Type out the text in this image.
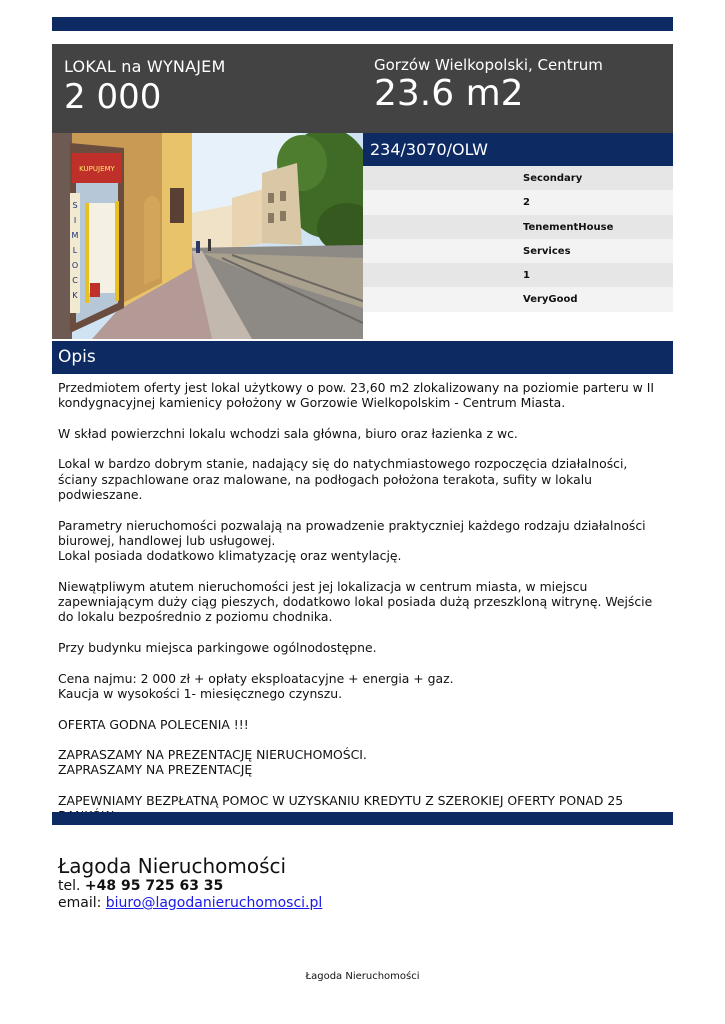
LOKAL na WYNAJEM
2 000
Gorzów Wielkopolski, Centrum
23.6 m2
KUPUJEMY
S
I
M
L
O
C
K
234/3070/OLW
Secondary
2
TenementHouse
Services
1
VeryGood
Opis

Przedmiotem oferty jest lokal użytkowy o pow. 23,60 m2 zlokalizowany na poziomie parteru w II kondygnacyjnej kamienicy położony w Gorzowie Wielkopolskim - Centrum Miasta.

W skład powierzchni lokalu wchodzi sala główna, biuro oraz łazienka z wc.

Lokal w bardzo dobrym stanie, nadający się do natychmiastowego rozpoczęcia działalności, ściany szpachlowane oraz malowane, na podłogach położona terakota, sufity w lokalu podwieszane.

Parametry nieruchomości pozwalają na prowadzenie praktyczniej każdego rodzaju działalności biurowej, handlowej lub usługowej.

Lokal posiada dodatkowo klimatyzację oraz wentylację.

Niewątpliwym atutem nieruchomości jest jej lokalizacja w centrum miasta, w miejscu zapewniającym duży ciąg pieszych, dodatkowo lokal posiada dużą przeszkloną witrynę. Wejście do lokalu bezpośrednio z poziomu chodnika.

Przy budynku miejsca parkingowe ogólnodostępne.

Cena najmu: 2 000 zł + opłaty eksploatacyjne + energia + gaz.

Kaucja w wysokości 1- miesięcznego czynszu.

OFERTA GODNA POLECENIA !!!

ZAPRASZAMY NA PREZENTACJĘ NIERUCHOMOŚCI.

ZAPRASZAMY NA PREZENTACJĘ

ZAPEWNIAMY BEZPŁATNĄ POMOC W UZYSKANIU KREDYTU Z SZEROKIEJ OFERTY PONAD 25

Łagoda Nieruchomości
tel. +48 95 725 63 35
email: biuro@lagodanieruchomosci.pl
Łagoda Nieruchomości
